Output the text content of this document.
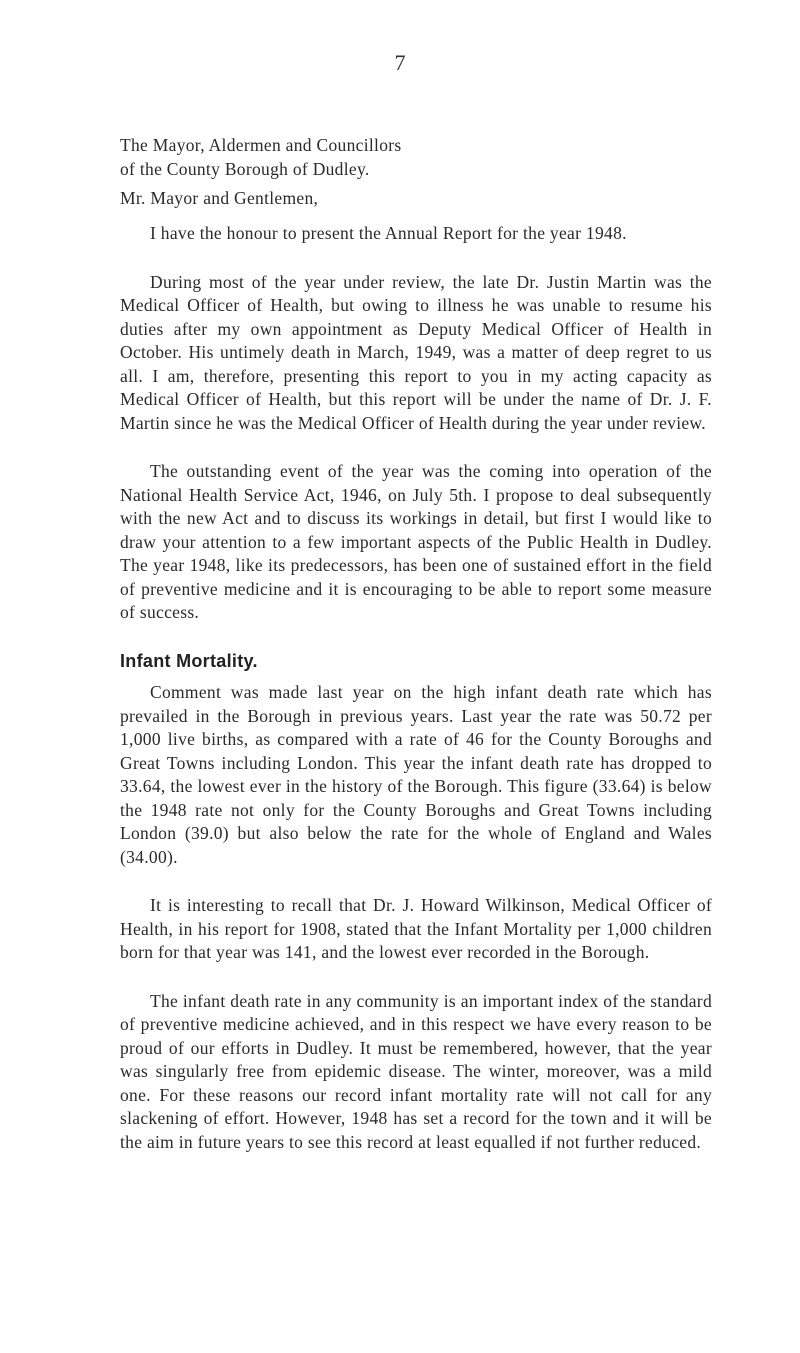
7
The Mayor, Aldermen and Councillors
of the County Borough of Dudley.
Mr. Mayor and Gentlemen,

I have the honour to present the Annual Report for the year 1948.

During most of the year under review, the late Dr. Justin Martin was the Medical Officer of Health, but owing to illness he was unable to resume his duties after my own appointment as Deputy Medical Officer of Health in October. His untimely death in March, 1949, was a matter of deep regret to us all. I am, therefore, presenting this report to you in my acting capacity as Medical Officer of Health, but this report will be under the name of Dr. J. F. Martin since he was the Medical Officer of Health during the year under review.

The outstanding event of the year was the coming into operation of the National Health Service Act, 1946, on July 5th. I propose to deal subsequently with the new Act and to discuss its workings in detail, but first I would like to draw your attention to a few important aspects of the Public Health in Dudley. The year 1948, like its predecessors, has been one of sustained effort in the field of preventive medicine and it is encouraging to be able to report some measure of success.

Infant Mortality.

Comment was made last year on the high infant death rate which has prevailed in the Borough in previous years. Last year the rate was 50.72 per 1,000 live births, as compared with a rate of 46 for the County Boroughs and Great Towns including London. This year the infant death rate has dropped to 33.64, the lowest ever in the history of the Borough. This figure (33.64) is below the 1948 rate not only for the County Boroughs and Great Towns including London (39.0) but also below the rate for the whole of England and Wales (34.00).

It is interesting to recall that Dr. J. Howard Wilkinson, Medical Officer of Health, in his report for 1908, stated that the Infant Mortality per 1,000 children born for that year was 141, and the lowest ever recorded in the Borough.

The infant death rate in any community is an important index of the standard of preventive medicine achieved, and in this respect we have every reason to be proud of our efforts in Dudley. It must be remembered, however, that the year was singularly free from epidemic disease. The winter, moreover, was a mild one. For these reasons our record infant mortality rate will not call for any slackening of effort. However, 1948 has set a record for the town and it will be the aim in future years to see this record at least equalled if not further reduced.
